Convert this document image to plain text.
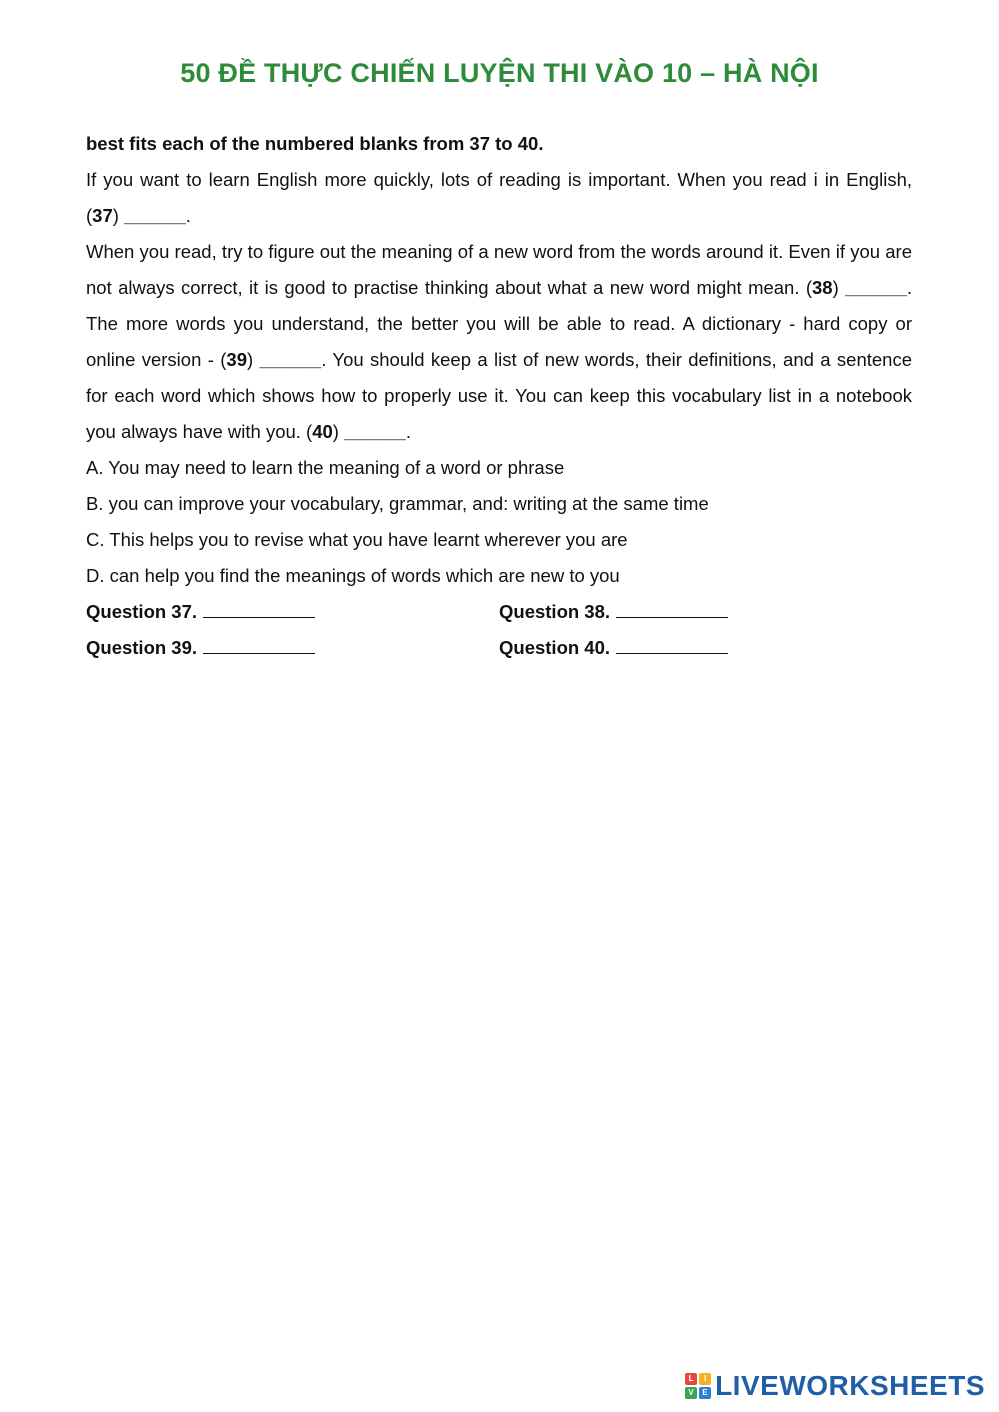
50 ĐỀ THỰC CHIẾN LUYỆN THI VÀO 10 – HÀ NỘI
best fits each of the numbered blanks from 37 to 40.

If you want to learn English more quickly, lots of reading is important. When you read i in English, (37) ______.

When you read, try to figure out the meaning of a new word from the words around it. Even if you are not always correct, it is good to practise thinking about what a new word might mean. (38) ______. The more words you understand, the better you will be able to read. A dictionary - hard copy or online version - (39) ______. You should keep a list of new words, their definitions, and a sentence for each word which shows how to properly use it. You can keep this vocabulary list in a notebook you always have with you. (40) ______.

A. You may need to learn the meaning of a word or phrase
B. you can improve your vocabulary, grammar, and: writing at the same time
C. This helps you to revise what you have learnt wherever you are
D. can help you find the meanings of words which are new to you
Question 37.	Question 38.
Question 39.	Question 40.
L	I
V	E LIVEWORKSHEETS
